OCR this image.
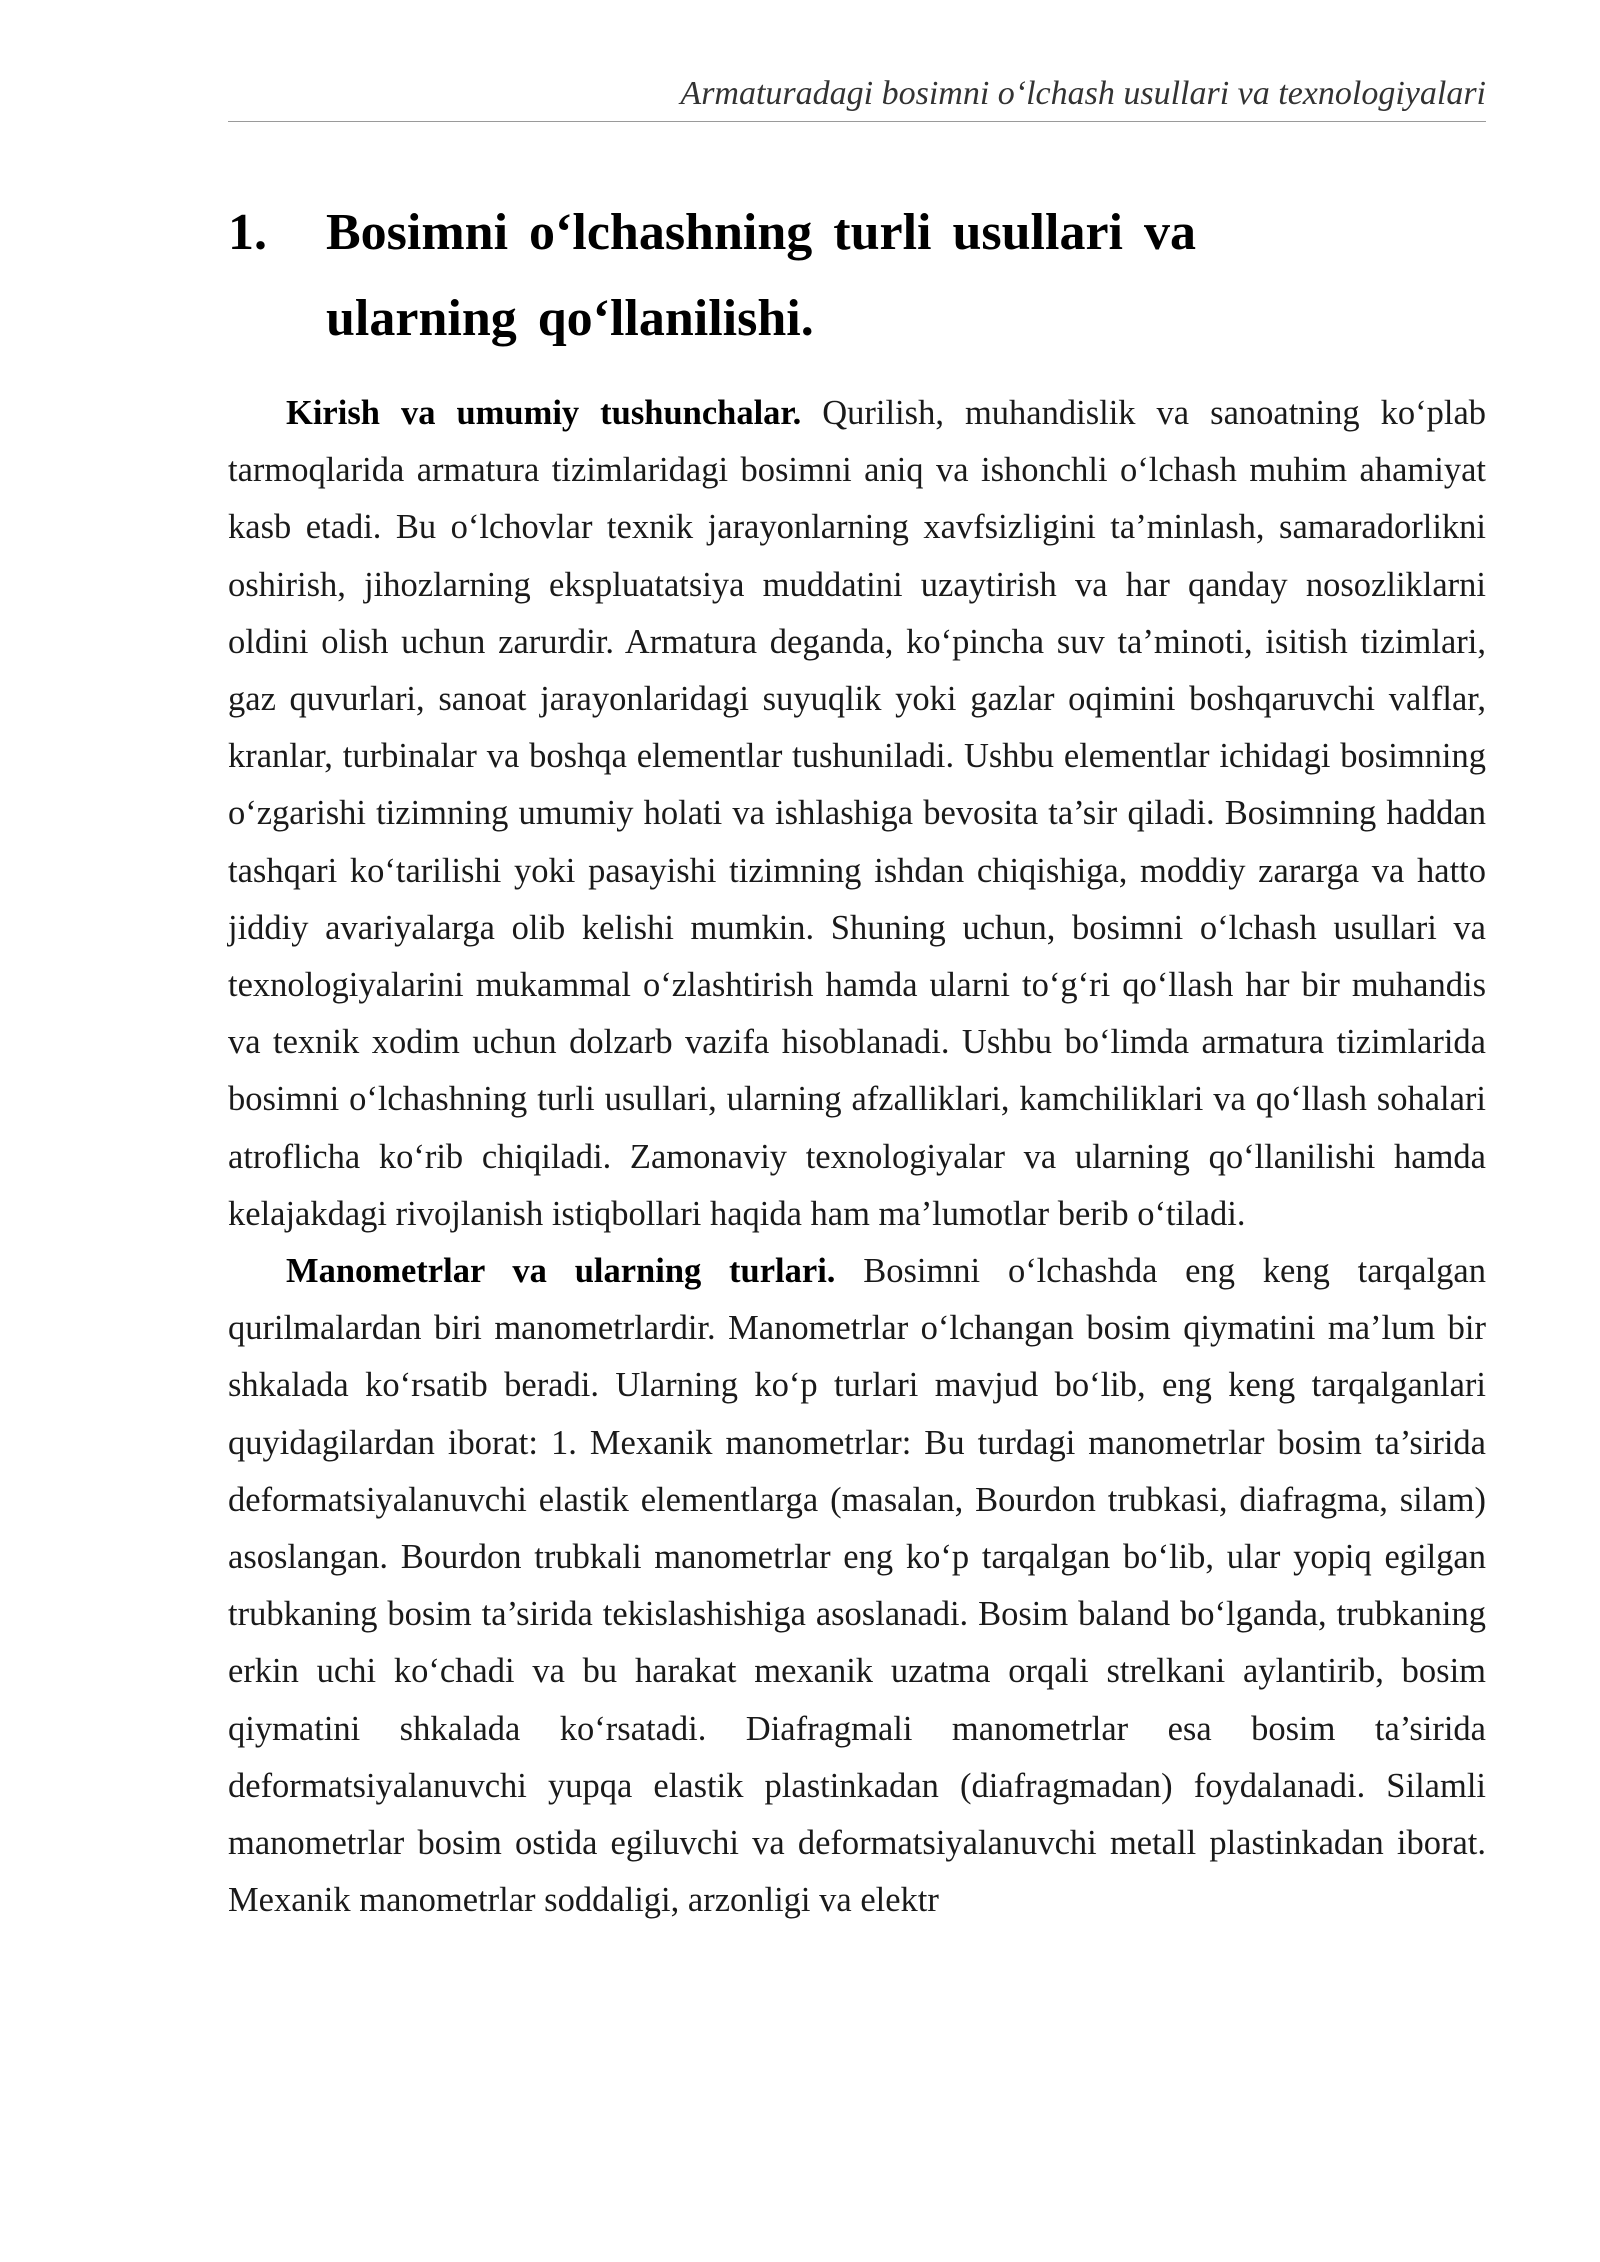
Armaturadagi bosimni o‘lchash usullari va texnologiyalari
1.	Bosimni o‘lchashning turli usullari va
ularning qo‘llanilishi.

Kirish va umumiy tushunchalar. Qurilish, muhandislik va sanoatning ko‘plab tarmoqlarida armatura tizimlaridagi bosimni aniq va ishonchli o‘lchash muhim ahamiyat kasb etadi. Bu o‘lchovlar texnik jarayonlarning xavfsizligini ta’minlash, samaradorlikni oshirish, jihozlarning ekspluatatsiya muddatini uzaytirish va har qanday nosozliklarni oldini olish uchun zarurdir. Armatura deganda, ko‘pincha suv ta’minoti, isitish tizimlari, gaz quvurlari, sanoat jarayonlaridagi suyuqlik yoki gazlar oqimini boshqaruvchi valflar, kranlar, turbinalar va boshqa elementlar tushuniladi. Ushbu elementlar ichidagi bosimning o‘zgarishi tizimning umumiy holati va ishlashiga bevosita ta’sir qiladi. Bosimning haddan tashqari ko‘tarilishi yoki pasayishi tizimning ishdan chiqishiga, moddiy zararga va hatto jiddiy avariyalarga olib kelishi mumkin. Shuning uchun, bosimni o‘lchash usullari va texnologiyalarini mukammal o‘zlashtirish hamda ularni to‘g‘ri qo‘llash har bir muhandis va texnik xodim uchun dolzarb vazifa hisoblanadi. Ushbu bo‘limda armatura tizimlarida bosimni o‘lchashning turli usullari, ularning afzalliklari, kamchiliklari va qo‘llash sohalari atroflicha ko‘rib chiqiladi. Zamonaviy texnologiyalar va ularning qo‘llanilishi hamda kelajakdagi rivojlanish istiqbollari haqida ham ma’lumotlar berib o‘tiladi.

Manometrlar va ularning turlari. Bosimni o‘lchashda eng keng tarqalgan qurilmalardan biri manometrlardir. Manometrlar o‘lchangan bosim qiymatini ma’lum bir shkalada ko‘rsatib beradi. Ularning ko‘p turlari mavjud bo‘lib, eng keng tarqalganlari quyidagilardan iborat: 1. Mexanik manometrlar: Bu turdagi manometrlar bosim ta’sirida deformatsiyalanuvchi elastik elementlarga (masalan, Bourdon trubkasi, diafragma, silam) asoslangan. Bourdon trubkali manometrlar eng ko‘p tarqalgan bo‘lib, ular yopiq egilgan trubkaning bosim ta’sirida tekislashishiga asoslanadi. Bosim baland bo‘lganda, trubkaning erkin uchi ko‘chadi va bu harakat mexanik uzatma orqali strelkani aylantirib, bosim qiymatini shkalada ko‘rsatadi. Diafragmali manometrlar esa bosim ta’sirida deformatsiyalanuvchi yupqa elastik plastinkadan (diafragmadan) foydalanadi. Silamli manometrlar bosim ostida egiluvchi va deformatsiyalanuvchi metall plastinkadan iborat. Mexanik manometrlar soddaligi, arzonligi va elektr
